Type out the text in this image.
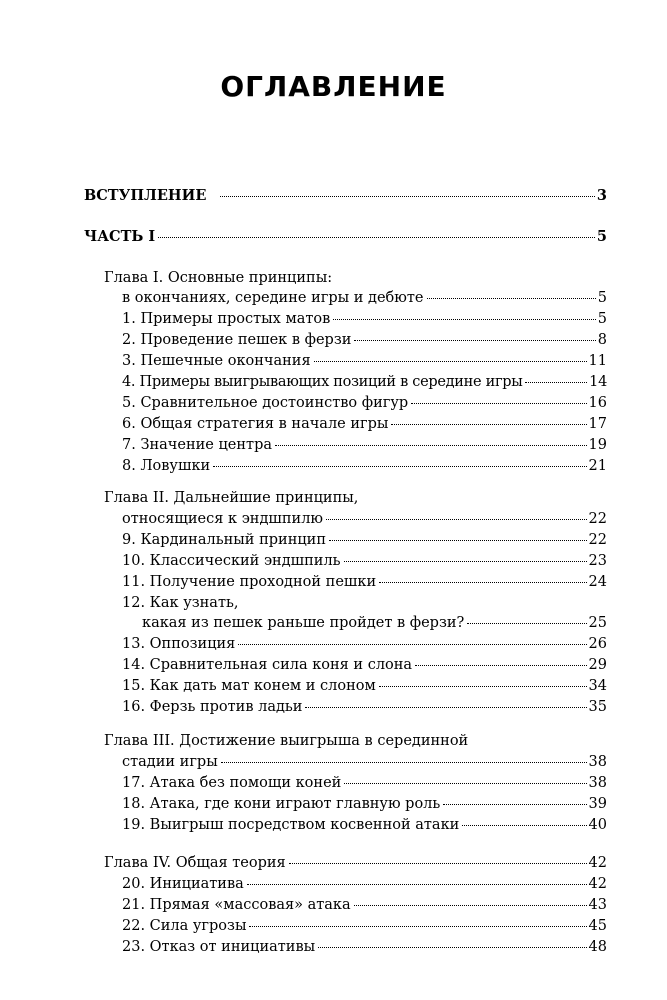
ОГЛАВЛЕНИЕ
ВСТУПЛЕНИЕ	3
ЧАСТЬ I	5
Глава I. Основные принципы:
в окончаниях, середине игры и дебюте	5
1. Примеры простых матов	5
2. Проведение пешек в ферзи	8
3. Пешечные окончания	11
4. Примеры выигрывающих позиций в середине игры	14
5. Сравнительное достоинство фигур	16
6. Общая стратегия в начале игры	17
7. Значение центра	19
8. Ловушки	21
Глава II. Дальнейшие принципы,
относящиеся к эндшпилю	22
9. Кардинальный принцип	22
10. Классический эндшпиль	23
11. Получение проходной пешки	24
12. Как узнать,
какая из пешек раньше пройдет в ферзи?	25
13. Оппозиция	26
14. Сравнительная сила коня и слона	29
15. Как дать мат конем и слоном	34
16. Ферзь против ладьи	35
Глава III. Достижение выигрыша в серединной
стадии игры	38
17. Атака без помощи коней	38
18. Атака, где кони играют главную роль	39
19. Выигрыш посредством косвенной атаки	40
Глава IV. Общая теория	42
20. Инициатива	42
21. Прямая «массовая» атака	43
22. Сила угрозы	45
23. Отказ от инициативы	48
